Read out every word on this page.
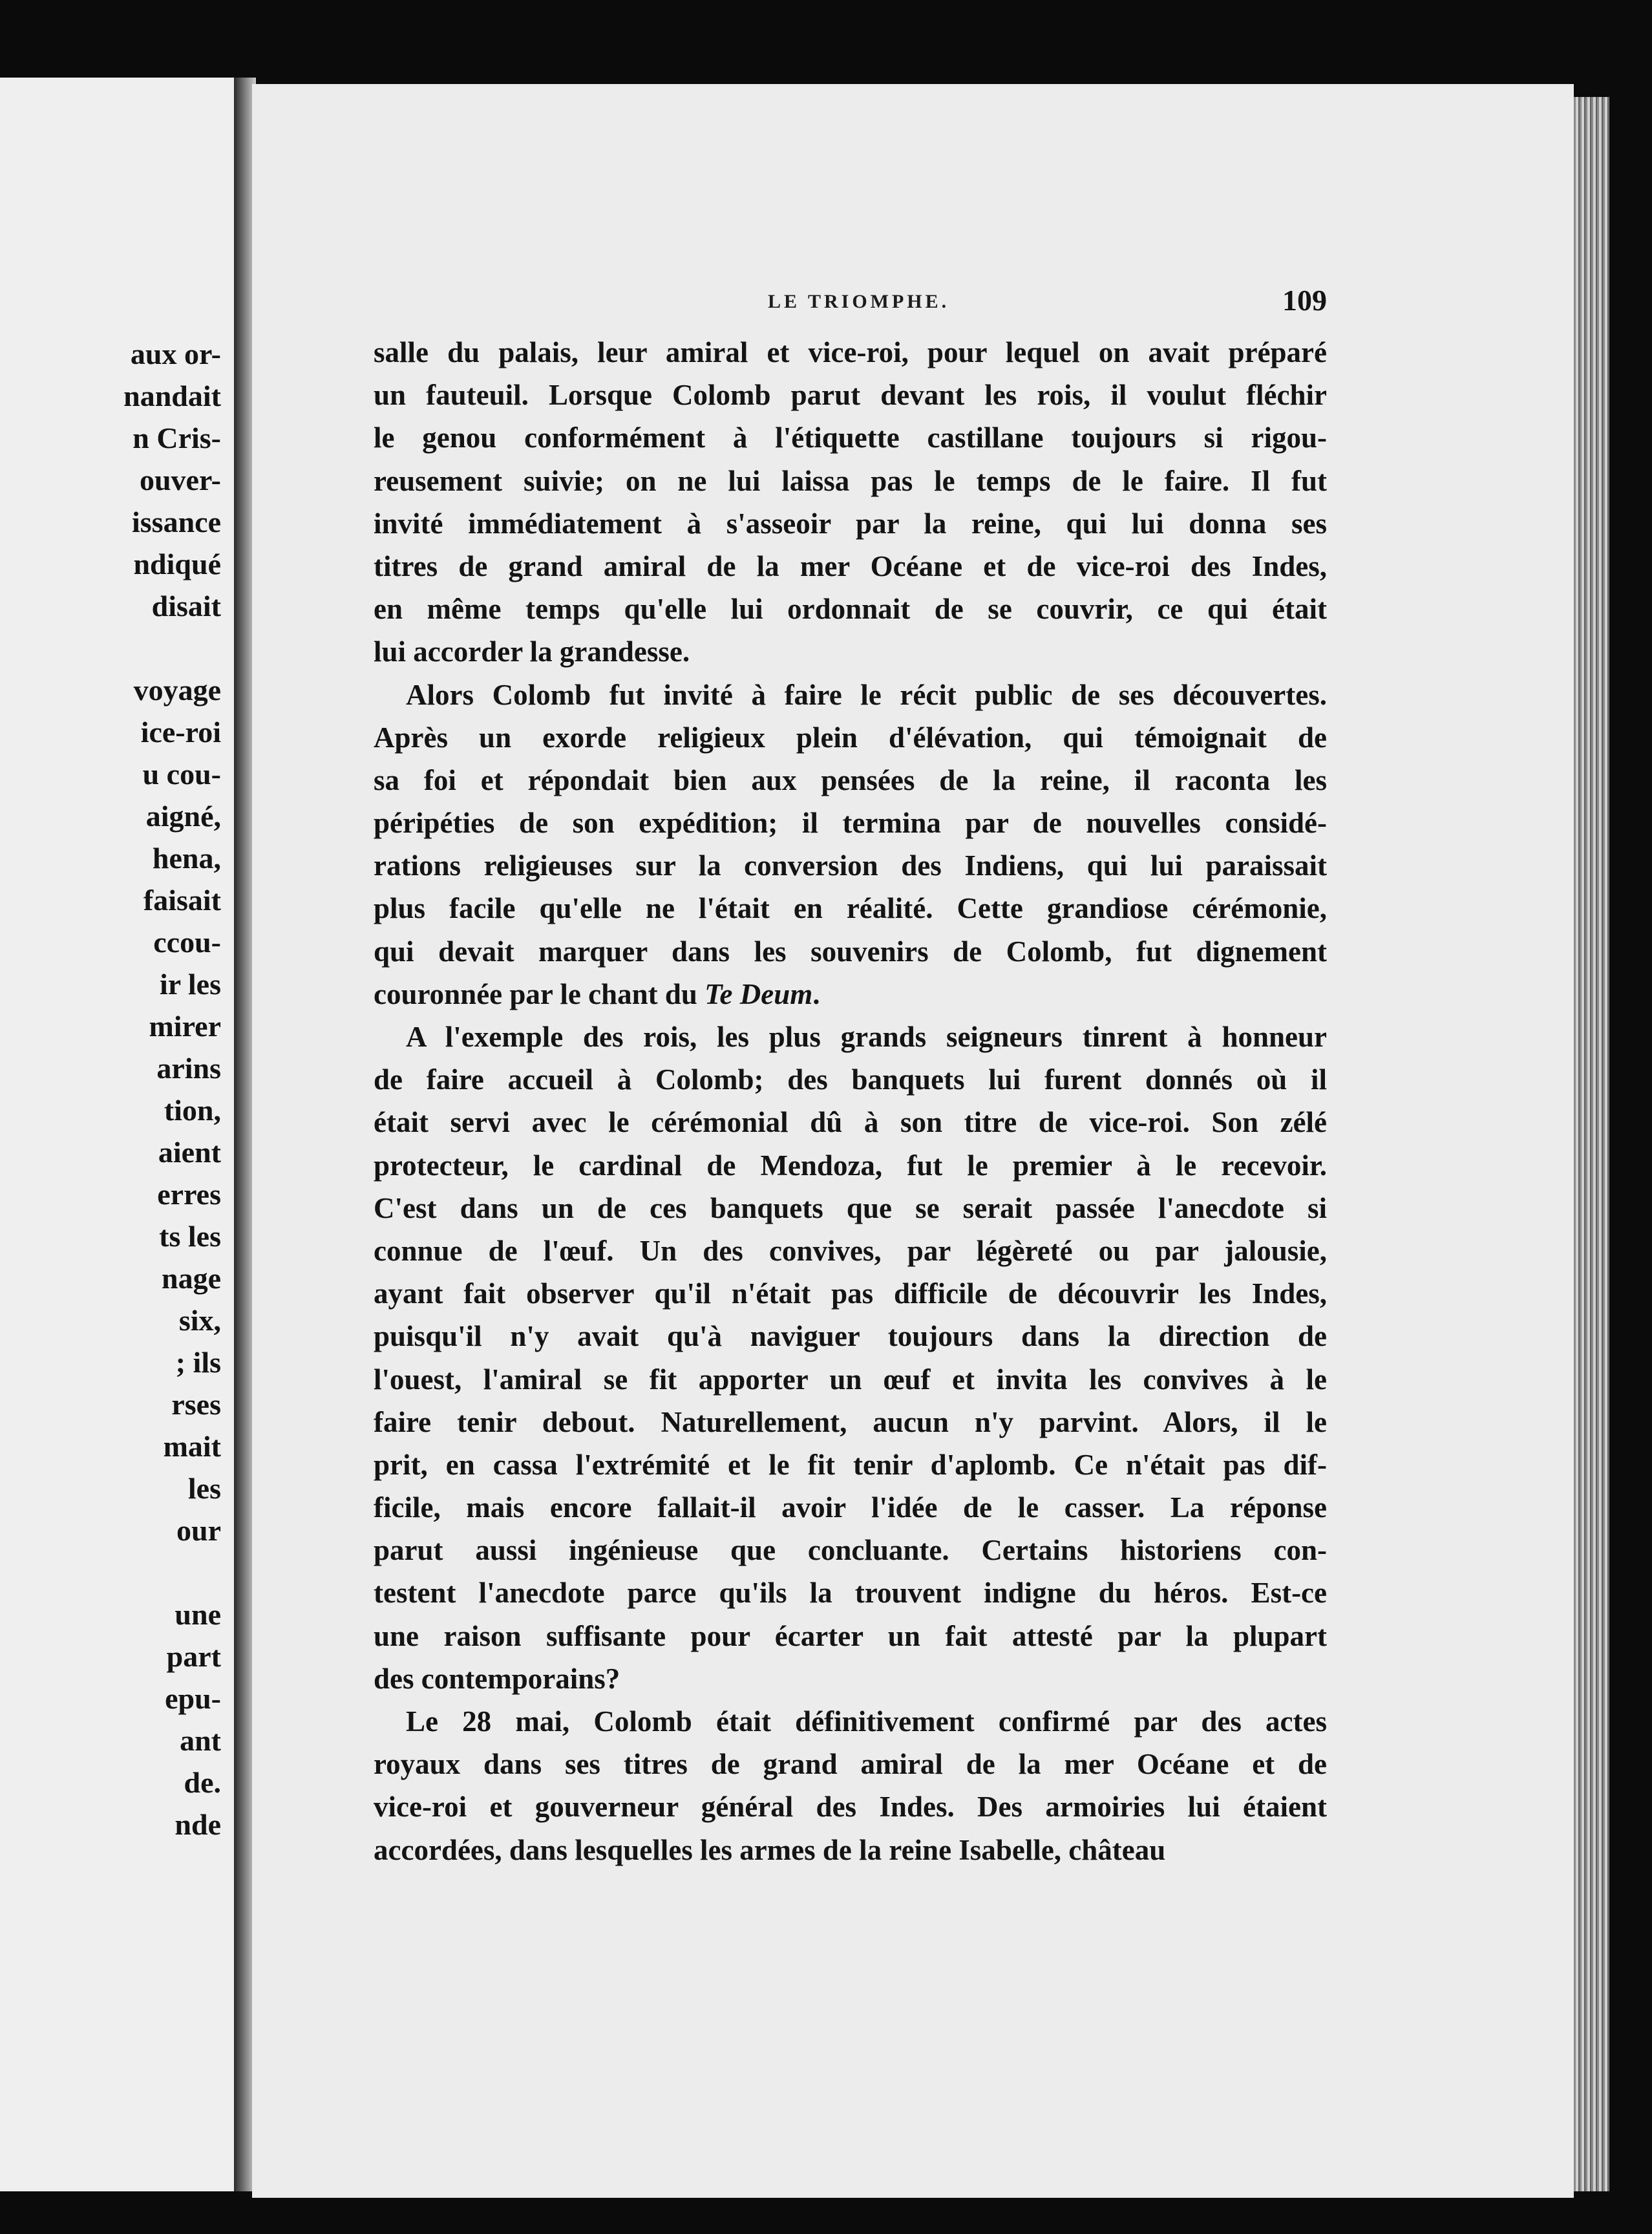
aux or-
nandait
n Cris-
ouver-
issance
ndiqué
disait
voyage
ice-roi
u cou-
aigné,
hena,
faisait
ccou-
ir les
mirer
arins
tion,
aient
erres
ts les
nage
six,
; ils
rses
mait
les
our
une
part
epu-
ant
de.
nde
LE TRIOMPHE.	109
salle du palais, leur amiral et vice-roi, pour lequel on avait préparé
un fauteuil. Lorsque Colomb parut devant les rois, il voulut fléchir
le genou conformément à l'étiquette castillane toujours si rigou-
reusement suivie; on ne lui laissa pas le temps de le faire. Il fut
invité immédiatement à s'asseoir par la reine, qui lui donna ses
titres de grand amiral de la mer Océane et de vice-roi des Indes,
en même temps qu'elle lui ordonnait de se couvrir, ce qui était
lui accorder la grandesse.
Alors Colomb fut invité à faire le récit public de ses découvertes.
Après un exorde religieux plein d'élévation, qui témoignait de
sa foi et répondait bien aux pensées de la reine, il raconta les
péripéties de son expédition; il termina par de nouvelles considé-
rations religieuses sur la conversion des Indiens, qui lui paraissait
plus facile qu'elle ne l'était en réalité. Cette grandiose cérémonie,
qui devait marquer dans les souvenirs de Colomb, fut dignement
couronnée par le chant du Te Deum.
A l'exemple des rois, les plus grands seigneurs tinrent à honneur
de faire accueil à Colomb; des banquets lui furent donnés où il
était servi avec le cérémonial dû à son titre de vice-roi. Son zélé
protecteur, le cardinal de Mendoza, fut le premier à le recevoir.
C'est dans un de ces banquets que se serait passée l'anecdote si
connue de l'œuf. Un des convives, par légèreté ou par jalousie,
ayant fait observer qu'il n'était pas difficile de découvrir les Indes,
puisqu'il n'y avait qu'à naviguer toujours dans la direction de
l'ouest, l'amiral se fit apporter un œuf et invita les convives à le
faire tenir debout. Naturellement, aucun n'y parvint. Alors, il le
prit, en cassa l'extrémité et le fit tenir d'aplomb. Ce n'était pas dif-
ficile, mais encore fallait-il avoir l'idée de le casser. La réponse
parut aussi ingénieuse que concluante. Certains historiens con-
testent l'anecdote parce qu'ils la trouvent indigne du héros. Est-ce
une raison suffisante pour écarter un fait attesté par la plupart
des contemporains?
Le 28 mai, Colomb était définitivement confirmé par des actes
royaux dans ses titres de grand amiral de la mer Océane et de
vice-roi et gouverneur général des Indes. Des armoiries lui étaient
accordées, dans lesquelles les armes de la reine Isabelle, château
